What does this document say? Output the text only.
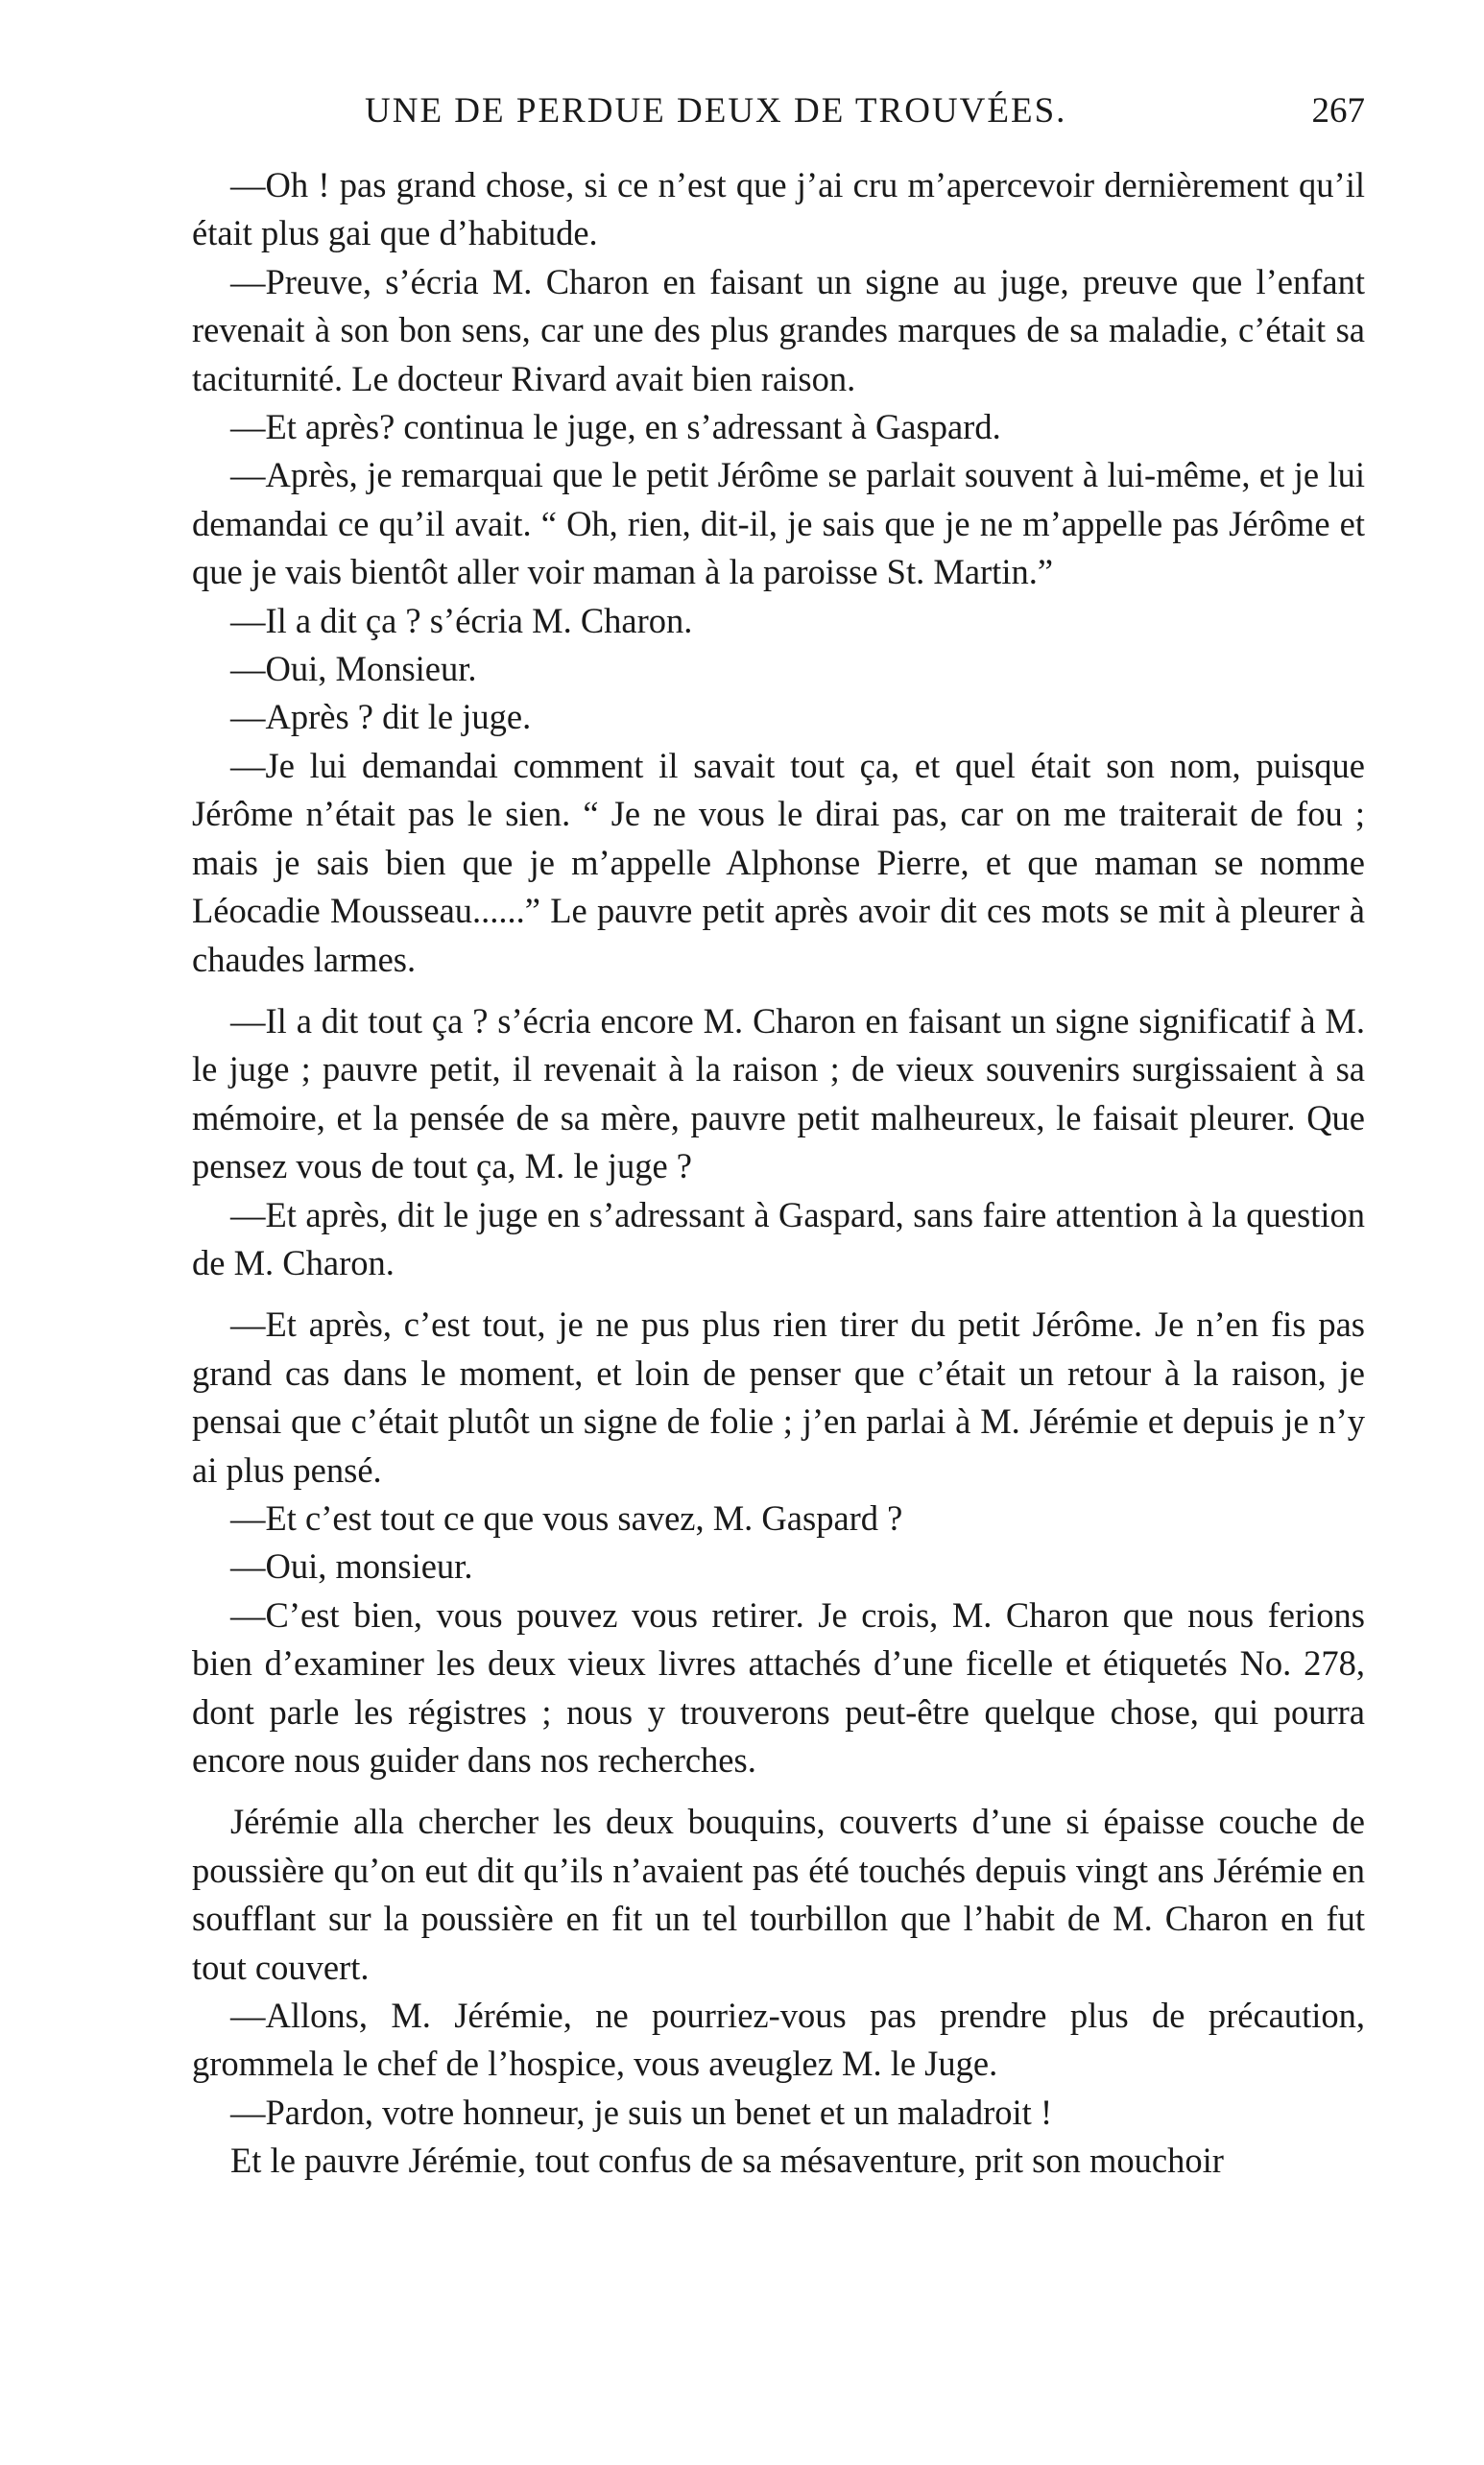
UNE DE PERDUE DEUX DE TROUVÉES.	267

—Oh ! pas grand chose, si ce n’est que j’ai cru m’apercevoir dernièrement qu’il était plus gai que d’habitude.

—Preuve, s’écria M. Charon en faisant un signe au juge, preuve que l’enfant revenait à son bon sens, car une des plus grandes marques de sa maladie, c’était sa taciturnité. Le docteur Rivard avait bien raison.

—Et après? continua le juge, en s’adressant à Gaspard.

—Après, je remarquai que le petit Jérôme se parlait souvent à lui-même, et je lui demandai ce qu’il avait. “ Oh, rien, dit-il, je sais que je ne m’appelle pas Jérôme et que je vais bientôt aller voir maman à la paroisse St. Martin.”

—Il a dit ça ? s’écria M. Charon.

—Oui, Monsieur.

—Après ? dit le juge.

—Je lui demandai comment il savait tout ça, et quel était son nom, puisque Jérôme n’était pas le sien. “ Je ne vous le dirai pas, car on me traiterait de fou ; mais je sais bien que je m’appelle Alphonse Pierre, et que maman se nomme Léocadie Mousseau......” Le pauvre petit après avoir dit ces mots se mit à pleurer à chaudes larmes.

—Il a dit tout ça ? s’écria encore M. Charon en faisant un signe significatif à M. le juge ; pauvre petit, il revenait à la raison ; de vieux souvenirs surgissaient à sa mémoire, et la pensée de sa mère, pauvre petit malheureux, le faisait pleurer. Que pensez vous de tout ça, M. le juge ?

—Et après, dit le juge en s’adressant à Gaspard, sans faire attention à la question de M. Charon.

—Et après, c’est tout, je ne pus plus rien tirer du petit Jérôme. Je n’en fis pas grand cas dans le moment, et loin de penser que c’était un retour à la raison, je pensai que c’était plutôt un signe de folie ; j’en parlai à M. Jérémie et depuis je n’y ai plus pensé.

—Et c’est tout ce que vous savez, M. Gaspard ?

—Oui, monsieur.

—C’est bien, vous pouvez vous retirer. Je crois, M. Charon que nous ferions bien d’examiner les deux vieux livres attachés d’une ficelle et étiquetés No. 278, dont parle les régistres ; nous y trouverons peut-être quelque chose, qui pourra encore nous guider dans nos recherches.

Jérémie alla chercher les deux bouquins, couverts d’une si épaisse couche de poussière qu’on eut dit qu’ils n’avaient pas été touchés depuis vingt ans Jérémie en soufflant sur la poussière en fit un tel tourbillon que l’habit de M. Charon en fut tout couvert.

—Allons, M. Jérémie, ne pourriez-vous pas prendre plus de précaution, grommela le chef de l’hospice, vous aveuglez M. le Juge.

—Pardon, votre honneur, je suis un benet et un maladroit !

Et le pauvre Jérémie, tout confus de sa mésaventure, prit son mouchoir
